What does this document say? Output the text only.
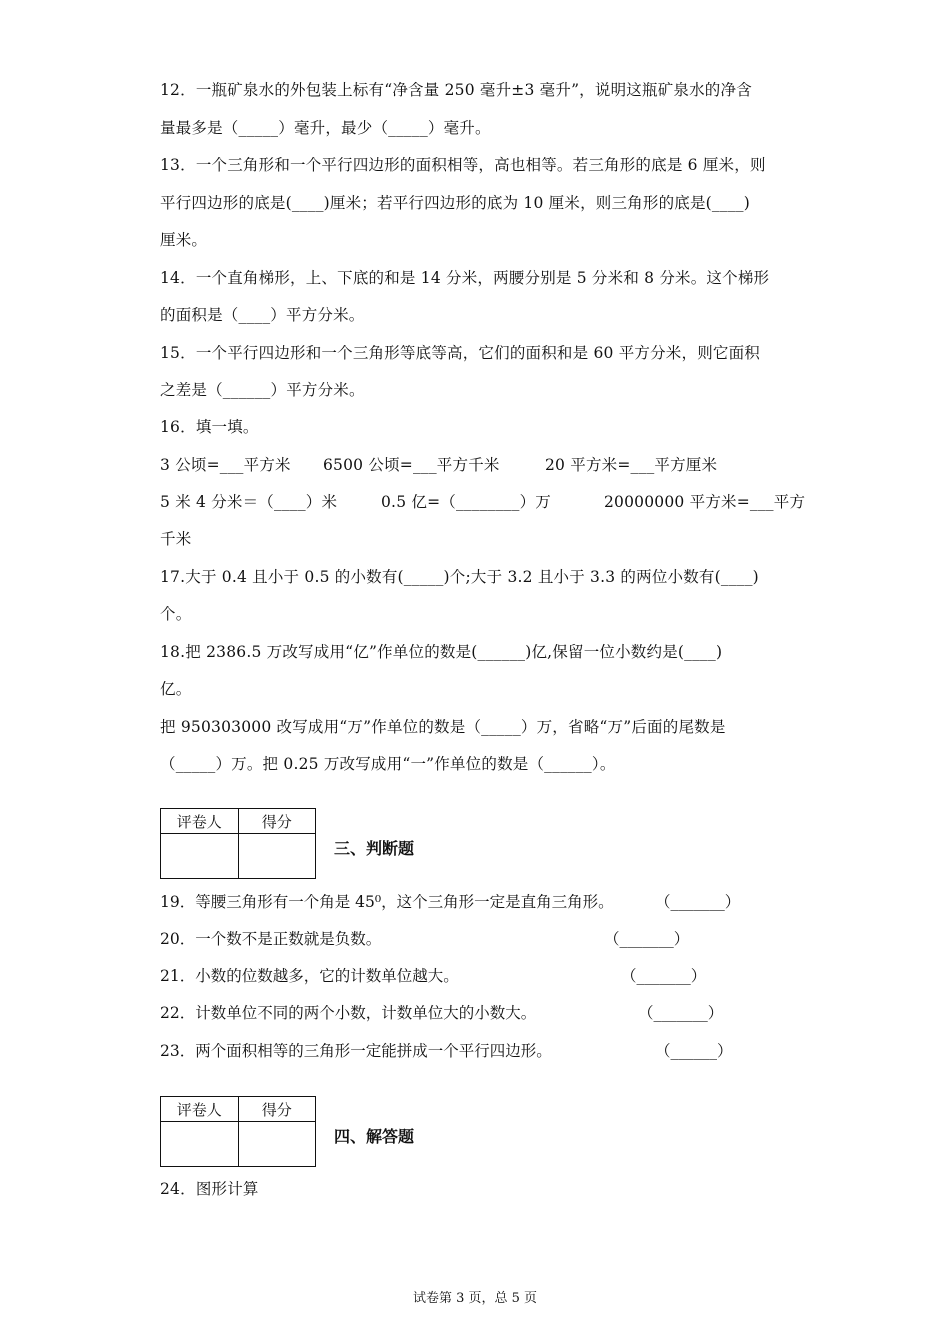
12．一瓶矿泉水的外包装上标有“净含量 250 毫升±3 毫升”，说明这瓶矿泉水的净含
量最多是（_____）毫升，最少（_____）毫升。
13．一个三角形和一个平行四边形的面积相等，高也相等。若三角形的底是 6 厘米，则
平行四边形的底是(____)厘米；若平行四边形的底为 10 厘米，则三角形的底是(____)
厘米。
14．一个直角梯形，上、下底的和是 14 分米，两腰分别是 5 分米和 8 分米。这个梯形
的面积是（____）平方分米。
15．一个平行四边形和一个三角形等底等高，它们的面积和是 60 平方分米，则它面积
之差是（______）平方分米。
16．填一填。
3 公顷=___平方米 6500 公顷=___平方千米	20 平方米=___平方厘米
5 米 4 分米＝（____）米	0.5 亿=（________）万	20000000 平方米=___平方
千米
17.大于 0.4 且小于 0.5 的小数有(_____)个;大于 3.2 且小于 3.3 的两位小数有(____)
个。
18.把 2386.5 万改写成用“亿”作单位的数是(______)亿,保留一位小数约是(____)
亿。
把 950303000 改写成用“万”作单位的数是（_____）万，省略“万”后面的尾数是
（_____）万。把 0.25 万改写成用“一”作单位的数是（______）。
评卷人	得分

三、判断题
19．等腰三角形有一个角是 45⁰，这个三角形一定是直角三角形。	（_______）
20．一个数不是正数就是负数。	（_______）
21．小数的位数越多，它的计数单位越大。	（_______）
22．计数单位不同的两个小数，计数单位大的小数大。	（_______）
23．两个面积相等的三角形一定能拼成一个平行四边形。	（______）
评卷人	得分

四、解答题
24．图形计算
试卷第 3 页，总 5 页
